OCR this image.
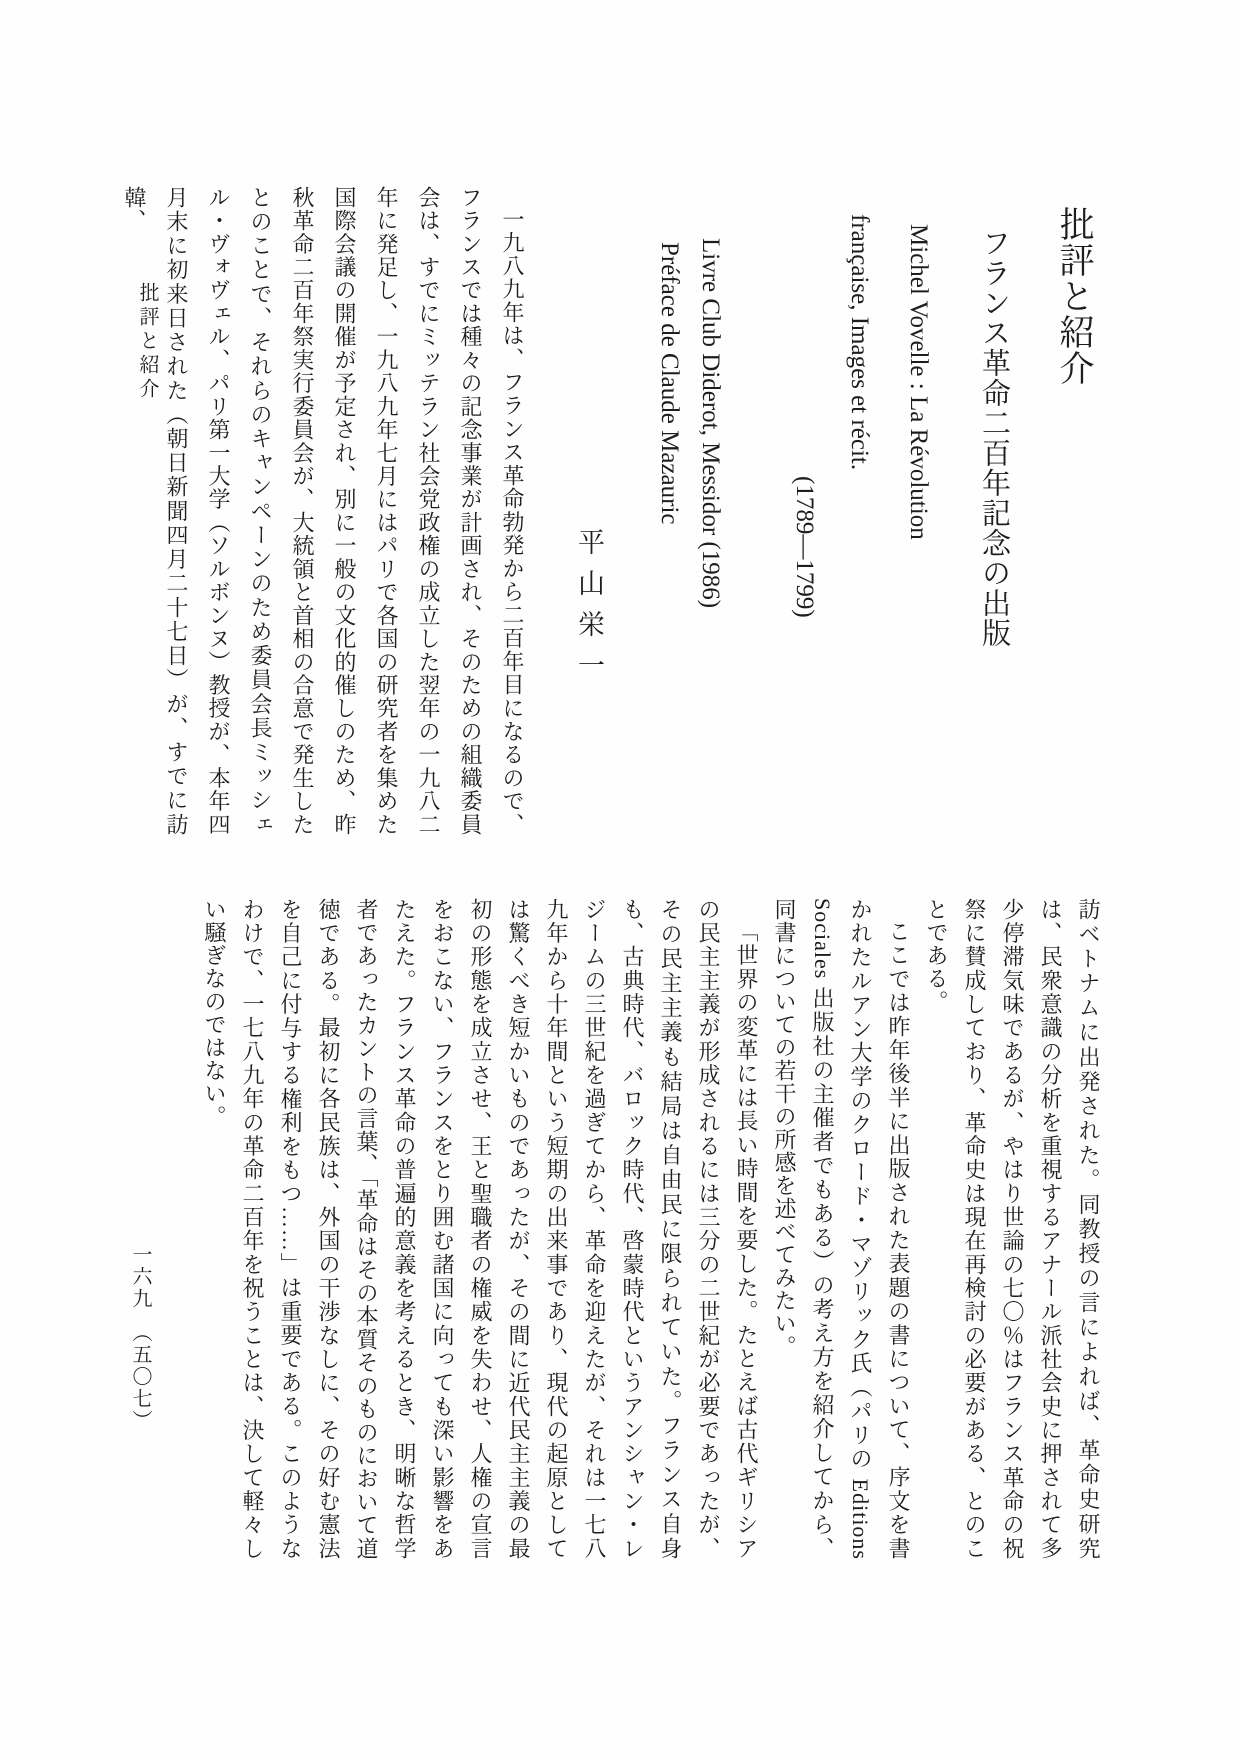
批評と紹介	批評と紹介
フランス革命二百年記念の出版
Michel Vovelle : La Révolution
française, Images et récit.
(1789—1799)
Livre Club Diderot, Messidor (1986)
Préface de Claude Mazauric
平山栄一

一九八九年は、フランス革命勃発から二百年目になるので、フランスでは種々の記念事業が計画され、そのための組織委員会は、すでにミッテラン社会党政権の成立した翌年の一九八二年に発足し、一九八九年七月にはパリで各国の研究者を集めた国際会議の開催が予定され、別に一般の文化的催しのため、昨秋革命二百年祭実行委員会が、大統領と首相の合意で発生したとのことで、それらのキャンペーンのため委員会長ミッシェル・ヴォヴェル、パリ第一大学（ソルボンヌ）教授が、本年四月末に初来日された（朝日新聞四月二十七日）が、すでに訪韓、

訪ベトナムに出発された。同教授の言によれば、革命史研究は、民衆意識の分析を重視するアナール派社会史に押されて多少停滞気味であるが、やはり世論の七〇％はフランス革命の祝祭に賛成しており、革命史は現在再検討の必要がある、とのことである。

ここでは昨年後半に出版された表題の書について、序文を書かれたルアン大学のクロード・マゾリック氏（パリの Editions Sociales 出版社の主催者でもある）の考え方を紹介してから、同書についての若干の所感を述べてみたい。

「世界の変革には長い時間を要した。たとえば古代ギリシアの民主主義が形成されるには三分の二世紀が必要であったが、その民主主義も結局は自由民に限られていた。フランス自身も、古典時代、バロック時代、啓蒙時代というアンシャン・レジームの三世紀を過ぎてから、革命を迎えたが、それは一七八九年から十年間という短期の出来事であり、現代の起原としては驚くべき短かいものであったが、その間に近代民主主義の最初の形態を成立させ、王と聖職者の権威を失わせ、人権の宣言をおこない、フランスをとり囲む諸国に向っても深い影響をあたえた。フランス革命の普遍的意義を考えるとき、明晰な哲学者であったカントの言葉、「革命はその本質そのものにおいて道徳である。最初に各民族は、外国の干渉なしに、その好む憲法を自己に付与する権利をもつ……」は重要である。このようなわけで、一七八九年の革命二百年を祝うことは、決して軽々しい騒ぎなのではない。

一六九　（五〇七）
